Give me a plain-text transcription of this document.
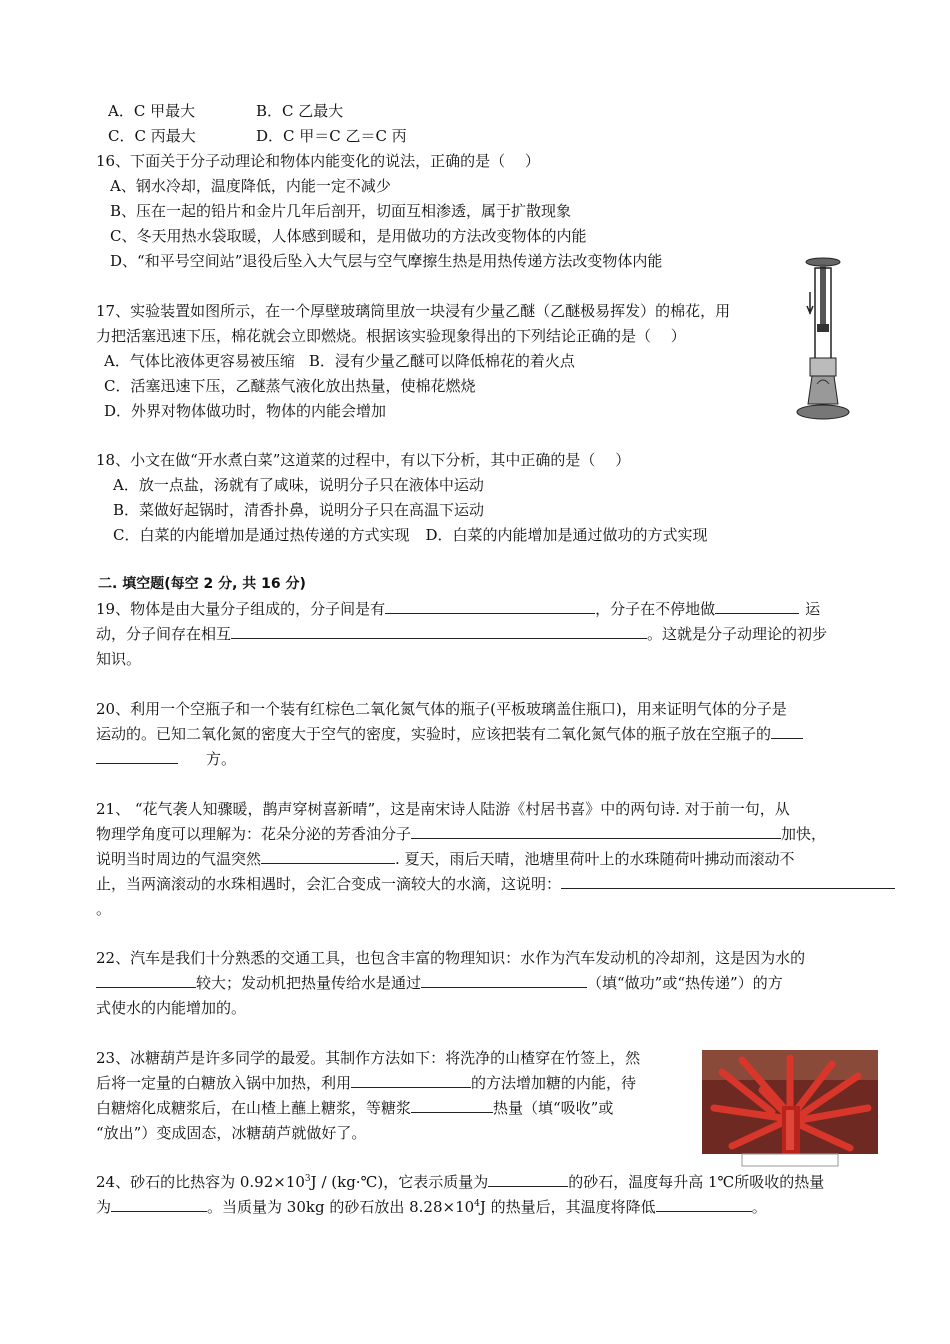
A．C 甲最大	B．C 乙最大
C．C 丙最大	D．C 甲＝C 乙＝C 丙
16、下面关于分子动理论和物体内能变化的说法，正确的是（　 ）
A、钢水冷却，温度降低，内能一定不减少
B、压在一起的铅片和金片几年后剖开，切面互相渗透，属于扩散现象
C、冬天用热水袋取暖，人体感到暖和，是用做功的方法改变物体的内能
D、“和平号空间站”退役后坠入大气层与空气摩擦生热是用热传递方法改变物体内能
17、实验装置如图所示，在一个厚壁玻璃筒里放一块浸有少量乙醚（乙醚极易挥发）的棉花，用
力把活塞迅速下压，棉花就会立即燃烧。根据该实验现象得出的下列结论正确的是（　 ）
A．气体比液体更容易被压缩 B．浸有少量乙醚可以降低棉花的着火点
C．活塞迅速下压，乙醚蒸气液化放出热量，使棉花燃烧
D．外界对物体做功时，物体的内能会增加
18、小文在做“开水煮白菜”这道菜的过程中，有以下分析，其中正确的是（　 ）
A．放一点盐，汤就有了咸味，说明分子只在液体中运动
B．菜做好起锅时，清香扑鼻，说明分子只在高温下运动
C．白菜的内能增加是通过热传递的方式实现 D．白菜的内能增加是通过做功的方式实现
二. 填空题(每空 2 分, 共 16 分)
19、物体是由大量分子组成的，分子间是有	，分子在不停地做	运
动，分子间存在相互	。这就是分子动理论的初步
知识。
20、利用一个空瓶子和一个装有红棕色二氧化氮气体的瓶子(平板玻璃盖住瓶口)，用来证明气体的分子是
运动的。已知二氧化氮的密度大于空气的密度，实验时，应该把装有二氧化氮气体的瓶子放在空瓶子的
方。
21、 “花气袭人知骤暖，鹊声穿树喜新晴”，这是南宋诗人陆游《村居书喜》中的两句诗. 对于前一句，从
物理学角度可以理解为：花朵分泌的芳香油分子	加快，
说明当时周边的气温突然	. 夏天，雨后天晴，池塘里荷叶上的水珠随荷叶拂动而滚动不
止，当两滴滚动的水珠相遇时，会汇合变成一滴较大的水滴，这说明：
。
22、汽车是我们十分熟悉的交通工具，也包含丰富的物理知识：水作为汽车发动机的冷却剂，这是因为水的
较大；发动机把热量传给水是通过	（填“做功”或“热传递”）的方
式使水的内能增加的。
23、冰糖葫芦是许多同学的最爱。其制作方法如下：将洗净的山楂穿在竹签上，然
后将一定量的白糖放入锅中加热，利用	的方法增加糖的内能，待
白糖熔化成糖浆后，在山楂上蘸上糖浆，等糖浆	热量（填“吸收”或
“放出”）变成固态，冰糖葫芦就做好了。
24、砂石的比热容为 $0.92\times 10^3J$ / (kg·℃)，它表示质量为	的砂石，温度每升高 1℃所吸收的热量
为	。当质量为 30kg 的砂石放出 $8.28\times 10^4J$ 的热量后，其温度将降低	。
